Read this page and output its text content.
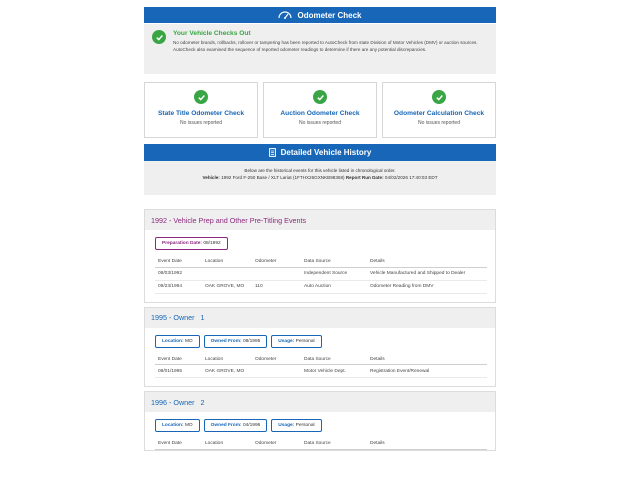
Odometer Check
Your Vehicle Checks Out
No odometer brands, rollbacks, rollover or tampering has been reported to AutoCheck from state Division of Motor Vehicles (DMV) or auction sources. AutoCheck also examined the sequence of reported odometer readings to determine if there are any potential discrepancies.
State Title Odometer Check
No issues reported
Auction Odometer Check
No issues reported
Odometer Calculation Check
No issues reported
Detailed Vehicle History
Below are the historical events for this vehicle listed in chronological order.
Vehicle: 1992 Ford F-250 Base / XLT Lariat (1FTHX26GXNKB98368) Report Run Date: 04/02/2026 17:40:03 EDT
1992 - Vehicle Prep and Other Pre-Titling Events
Preparation Date: 08/1992
Event Date	Location	Odometer	Data Source	Details
08/03/1992			Independent Source	Vehicle Manufactured and Shipped to Dealer
09/23/1994	OAK GROVE, MO	110	Auto Auction	Odometer Reading from DMV
1995 - Owner   1
Location: MO	Owned From: 08/1995	Usage: Personal
Event Date	Location	Odometer	Data Source	Details
08/01/1995	OAK GROVE, MO		Motor Vehicle Dept.	Registration Event/Renewal
1996 - Owner   2
Location: MO	Owned From: 04/1996	Usage: Personal
Event Date	Location	Odometer	Data Source	Details
